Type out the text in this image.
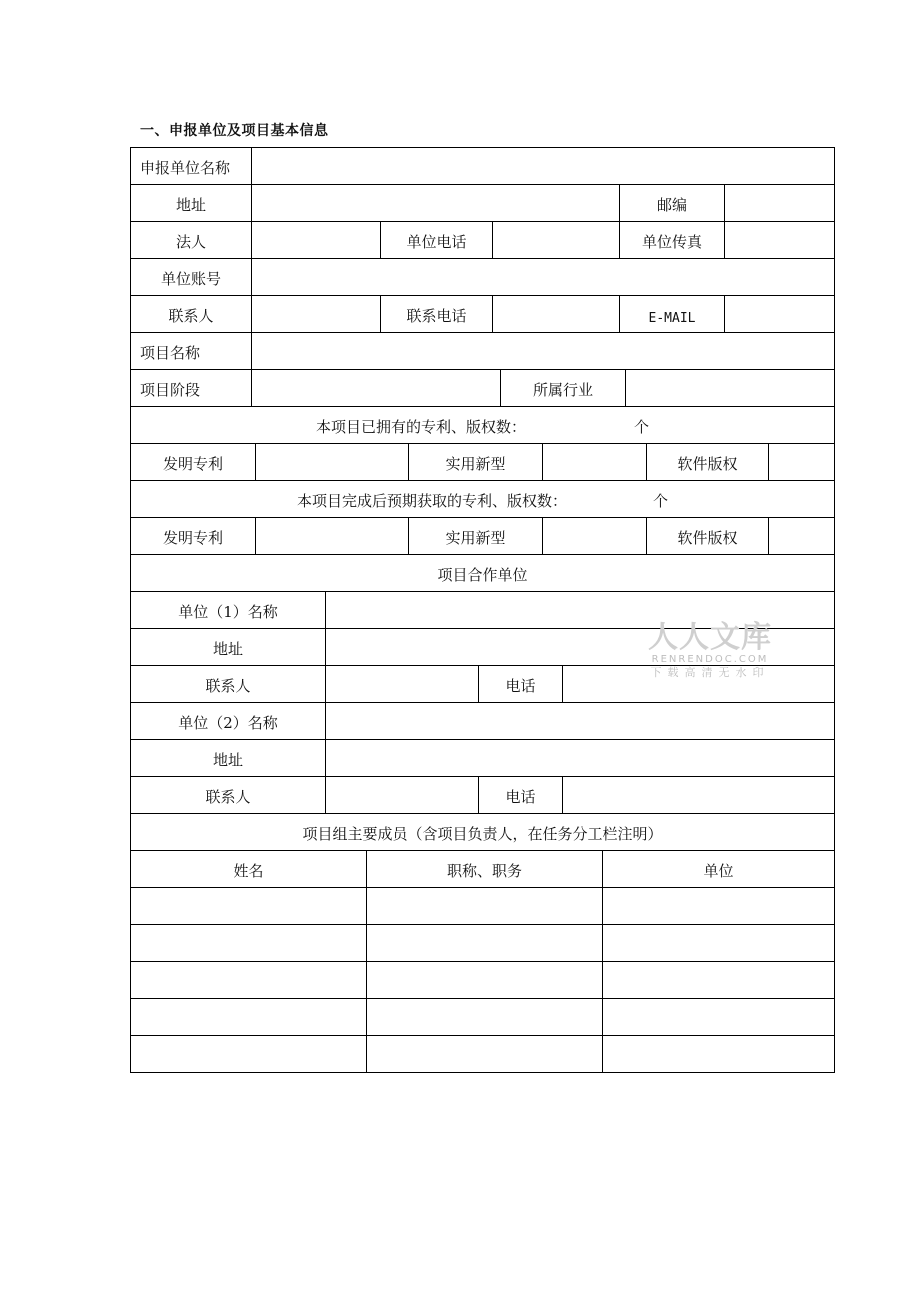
一、申报单位及项目基本信息
申报单位名称
地址	邮编
法人	单位电话	单位传真
单位账号
联系人	联系电话	E-MAIL
项目名称
项目阶段	所属行业
本项目已拥有的专利、版权数：	个
发明专利	实用新型	软件版权
本项目完成后预期获取的专利、版权数：	个
发明专利	实用新型	软件版权
项目合作单位
单位（1）名称
地址
联系人	电话
单位（2）名称
地址
联系人	电话
项目组主要成员（含项目负责人，在任务分工栏注明）
姓名	职称、职务	单位
人人文库
RENRENDOC.COM
下载高清无水印
